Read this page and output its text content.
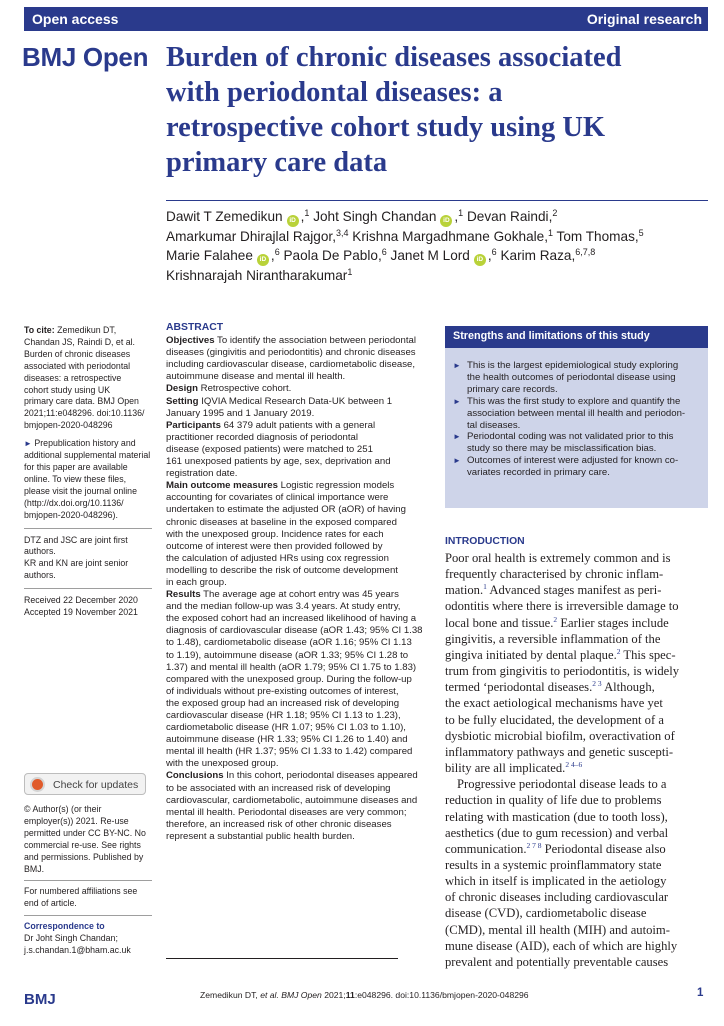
Open access	Original research
BMJ Open Burden of chronic diseases associated
with periodontal diseases: a
retrospective cohort study using UK
primary care data
Dawit T Zemedikun iD ,$^1$ Joht Singh Chandan iD ,$^1$ Devan Raindi,$^2$
Amarkumar Dhirajlal Rajgor,$^{3,4}$ Krishna Margadhmane Gokhale,$^1$ Tom Thomas,$^5$
Marie Falahee iD ,$^6$ Paola De Pablo,$^6$ Janet M Lord iD ,$^6$ Karim Raza,$^{6,7,8}$
Krishnarajah Nirantharakumar$^1$

To cite: Zemedikun DT,

Chandan JS, Raindi D, et al.

Burden of chronic diseases

associated with periodontal

diseases: a retrospective

cohort study using UK

primary care data. BMJ Open

2021;11:e048296. doi:10.1136/

bmjopen-2020-048296

► Prepublication history and

additional supplemental material

for this paper are available

online. To view these files,

please visit the journal online

(http://dx.doi.org/10.1136/

bmjopen-2020-048296).

DTZ and JSC are joint first

authors.

KR and KN are joint senior

authors.

Received 22 December 2020

Accepted 19 November 2021

Check for updates

© Author(s) (or their

employer(s)) 2021. Re-use

permitted under CC BY-NC. No

commercial re-use. See rights

and permissions. Published by

BMJ.

For numbered affiliations see

end of article.

Correspondence to

Dr Joht Singh Chandan;

j.s.chandan.1@bham.ac.uk

ABSTRACT
Objectives To identify the association between periodontal
diseases (gingivitis and periodontitis) and chronic diseases
including cardiovascular disease, cardiometabolic disease,
autoimmune disease and mental ill health.
Design Retrospective cohort.
Setting IQVIA Medical Research Data-UK between 1
January 1995 and 1 January 2019.
Participants 64 379 adult patients with a general
practitioner recorded diagnosis of periodontal
disease (exposed patients) were matched to 251
161 unexposed patients by age, sex, deprivation and
registration date.
Main outcome measures Logistic regression models
accounting for covariates of clinical importance were
undertaken to estimate the adjusted OR (aOR) of having
chronic diseases at baseline in the exposed compared
with the unexposed group. Incidence rates for each
outcome of interest were then provided followed by
the calculation of adjusted HRs using cox regression
modelling to describe the risk of outcome development
in each group.
Results The average age at cohort entry was 45 years
and the median follow-up was 3.4 years. At study entry,
the exposed cohort had an increased likelihood of having a
diagnosis of cardiovascular disease (aOR 1.43; 95% CI 1.38
to 1.48), cardiometabolic disease (aOR 1.16; 95% CI 1.13
to 1.19), autoimmune disease (aOR 1.33; 95% CI 1.28 to
1.37) and mental ill health (aOR 1.79; 95% CI 1.75 to 1.83)
compared with the unexposed group. During the follow-up
of individuals without pre-existing outcomes of interest,
the exposed group had an increased risk of developing
cardiovascular disease (HR 1.18; 95% CI 1.13 to 1.23),
cardiometabolic disease (HR 1.07; 95% CI 1.03 to 1.10),
autoimmune disease (HR 1.33; 95% CI 1.26 to 1.40) and
mental ill health (HR 1.37; 95% CI 1.33 to 1.42) compared
with the unexposed group.
Conclusions In this cohort, periodontal diseases appeared
to be associated with an increased risk of developing
cardiovascular, cardiometabolic, autoimmune diseases and
mental ill health. Periodontal diseases are very common;
therefore, an increased risk of other chronic diseases
represent a substantial public health burden.
Strengths and limitations of this study
► This is the largest epidemiological study exploring
the health outcomes of periodontal disease using
primary care records.
► This was the first study to explore and quantify the
association between mental ill health and periodon-
tal diseases.
► Periodontal coding was not validated prior to this
study so there may be misclassification bias.
► Outcomes of interest were adjusted for known co-
variates recorded in primary care.
INTRODUCTION
Poor oral health is extremely common and is
frequently characterised by chronic inflam-
mation.$^1$ Advanced stages manifest as peri-
odontitis where there is irreversible damage to
local bone and tissue.$^2$ Earlier stages include
gingivitis, a reversible inflammation of the
gingiva initiated by dental plaque.$^2$ This spec-
trum from gingivitis to periodontitis, is widely
termed ‘periodontal diseases.$^{2 3}$ Although,
the exact aetiological mechanisms have yet
to be fully elucidated, the development of a
dysbiotic microbial biofilm, overactivation of
inflammatory pathways and genetic suscepti-
bility are all implicated.$^{2 4-6}$
Progressive periodontal disease leads to a
reduction in quality of life due to problems
relating with mastication (due to tooth loss),
aesthetics (due to gum recession) and verbal
communication.$^{2 7 8}$ Periodontal disease also
results in a systemic proinflammatory state
which in itself is implicated in the aetiology
of chronic diseases including cardiovascular
disease (CVD), cardiometabolic disease
(CMD), mental ill health (MIH) and autoim-
mune disease (AID), each of which are highly
prevalent and potentially preventable causes
BMJ	Zemedikun DT, et al. BMJ Open 2021;11:e048296. doi:10.1136/bmjopen-2020-048296	1
